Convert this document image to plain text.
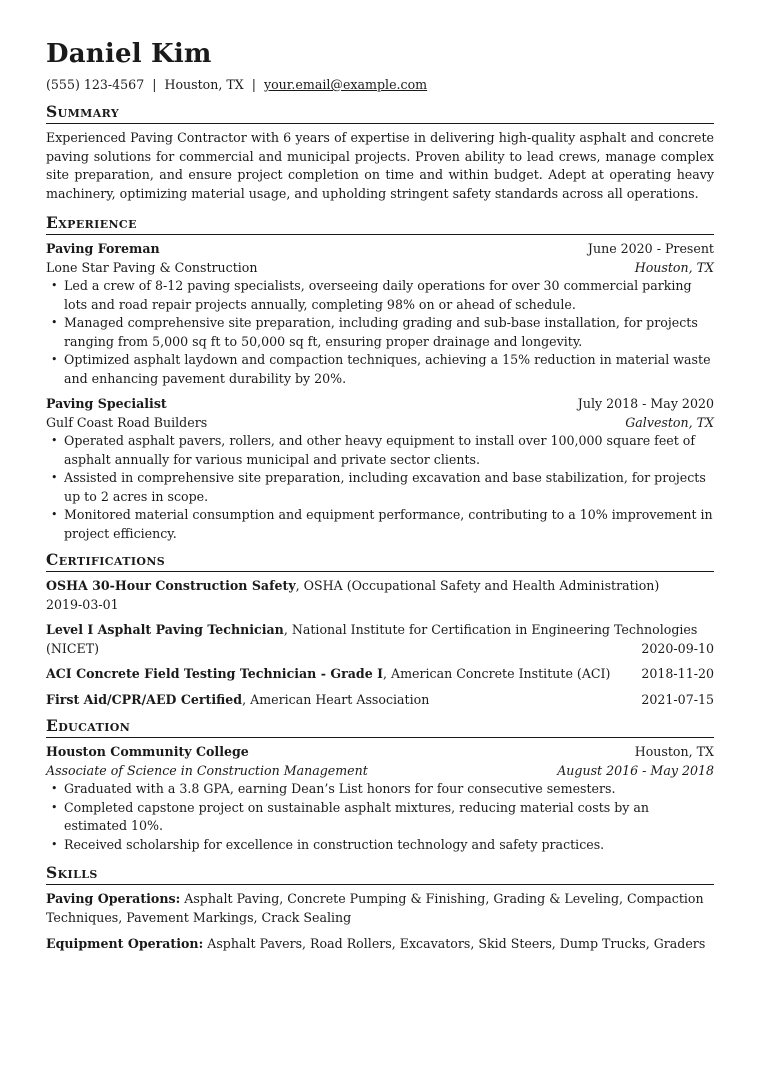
Daniel Kim
(555) 123-4567 | Houston, TX | your.email@example.com
Summary

Experienced Paving Contractor with 6 years of expertise in delivering high-quality asphalt and concrete paving solutions for commercial and municipal projects. Proven ability to lead crews, manage complex site preparation, and ensure project completion on time and within budget. Adept at operating heavy machinery, optimizing material usage, and upholding stringent safety standards across all operations.

Experience
Paving Foreman	June 2020 - Present
Lone Star Paving & Construction	Houston, TX
• Led a crew of 8-12 paving specialists, overseeing daily operations for over 30 commercial parking lots and road repair projects annually, completing 98% on or ahead of schedule.
• Managed comprehensive site preparation, including grading and sub-base installation, for projects ranging from 5,000 sq ft to 50,000 sq ft, ensuring proper drainage and longevity.
• Optimized asphalt laydown and compaction techniques, achieving a 15% reduction in material waste and enhancing pavement durability by 20%.
Paving Specialist	July 2018 - May 2020
Gulf Coast Road Builders	Galveston, TX
• Operated asphalt pavers, rollers, and other heavy equipment to install over 100,000 square feet of asphalt annually for various municipal and private sector clients.
• Assisted in comprehensive site preparation, including excavation and base stabilization, for projects up to 2 acres in scope.
• Monitored material consumption and equipment performance, contributing to a 10% improvement in project efficiency.
Certifications
OSHA 30-Hour Construction Safety, OSHA (Occupational Safety and Health Administration)
2019-03-01
Level I Asphalt Paving Technician, National Institute for Certification in Engineering Technologies (NICET)	2020-09-10
ACI Concrete Field Testing Technician - Grade I, American Concrete Institute (ACI)	2018-11-20
First Aid/CPR/AED Certified, American Heart Association	2021-07-15
Education
Houston Community College	Houston, TX
Associate of Science in Construction Management	August 2016 - May 2018
• Graduated with a 3.8 GPA, earning Dean’s List honors for four consecutive semesters.
• Completed capstone project on sustainable asphalt mixtures, reducing material costs by an estimated 10%.
• Received scholarship for excellence in construction technology and safety practices.
Skills
Paving Operations: Asphalt Paving, Concrete Pumping & Finishing, Grading & Leveling, Compaction Techniques, Pavement Markings, Crack Sealing
Equipment Operation: Asphalt Pavers, Road Rollers, Excavators, Skid Steers, Dump Trucks, Graders
